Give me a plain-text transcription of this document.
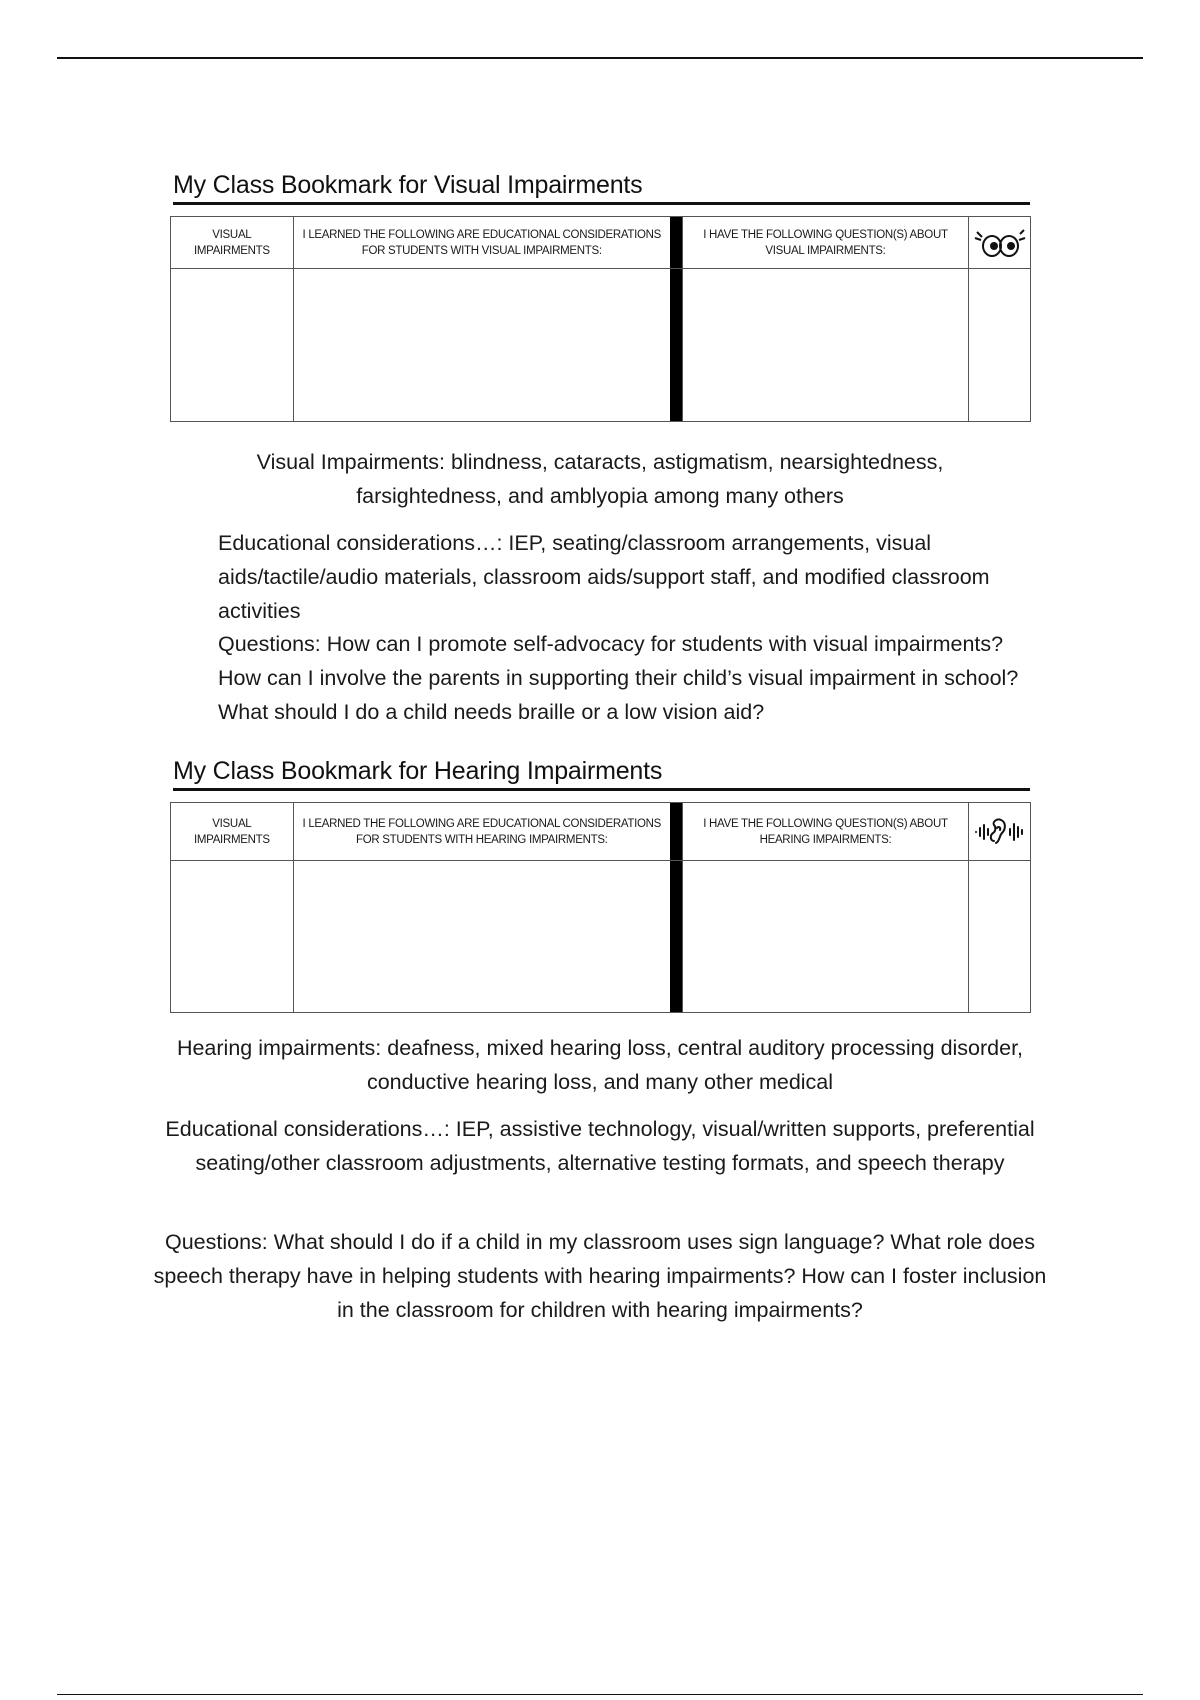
My Class Bookmark for Visual Impairments
VISUAL IMPAIRMENTS
I LEARNED THE FOLLOWING ARE EDUCATIONAL CONSIDERATIONS FOR STUDENTS WITH VISUAL IMPAIRMENTS:
I HAVE THE FOLLOWING QUESTION(S) ABOUT VISUAL IMPAIRMENTS:
Visual Impairments: blindness, cataracts, astigmatism, nearsightedness, farsightedness, and amblyopia among many others
Educational considerations…: IEP, seating/classroom arrangements, visual aids/tactile/audio materials, classroom aids/support staff, and modified classroom activities
Questions: How can I promote self-advocacy for students with visual impairments? How can I involve the parents in supporting their child’s visual impairment in school? What should I do a child needs braille or a low vision aid?
My Class Bookmark for Hearing Impairments
VISUAL IMPAIRMENTS
I LEARNED THE FOLLOWING ARE EDUCATIONAL CONSIDERATIONS FOR STUDENTS WITH HEARING IMPAIRMENTS:
I HAVE THE FOLLOWING QUESTION(S) ABOUT HEARING IMPAIRMENTS:
Hearing impairments: deafness, mixed hearing loss, central auditory processing disorder, conductive hearing loss, and many other medical
Educational considerations…: IEP, assistive technology, visual/written supports, preferential seating/other classroom adjustments, alternative testing formats, and speech therapy
Questions: What should I do if a child in my classroom uses sign language? What role does speech therapy have in helping students with hearing impairments? How can I foster inclusion in the classroom for children with hearing impairments?
